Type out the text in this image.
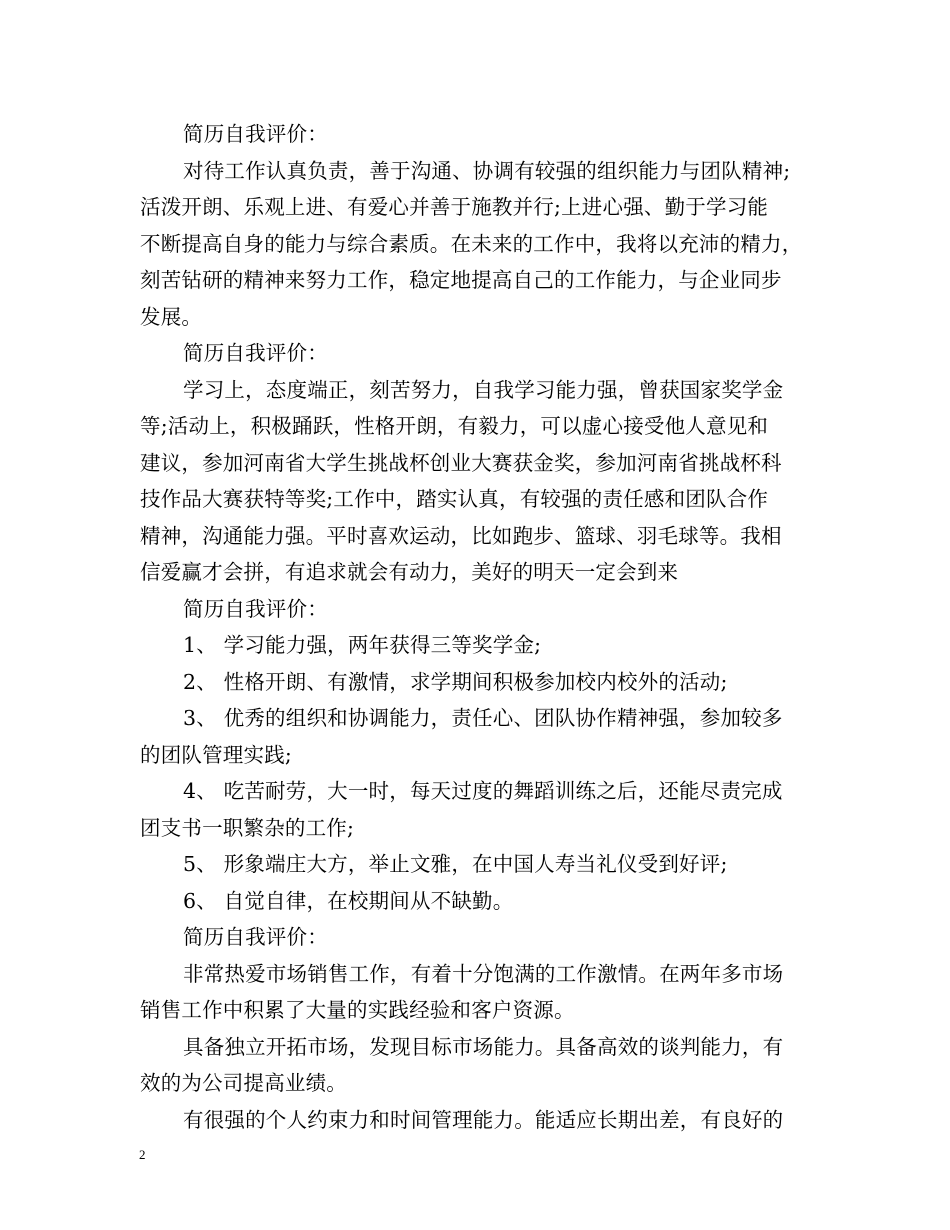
简历自我评价：
对待工作认真负责，善于沟通、协调有较强的组织能力与团队精神;
活泼开朗、乐观上进、有爱心并善于施教并行;上进心强、勤于学习能
不断提高自身的能力与综合素质。在未来的工作中，我将以充沛的精力，
刻苦钻研的精神来努力工作，稳定地提高自己的工作能力，与企业同步
发展。
简历自我评价：
学习上，态度端正，刻苦努力，自我学习能力强，曾获国家奖学金
等;活动上，积极踊跃，性格开朗，有毅力，可以虚心接受他人意见和
建议，参加河南省大学生挑战杯创业大赛获金奖，参加河南省挑战杯科
技作品大赛获特等奖;工作中，踏实认真，有较强的责任感和团队合作
精神，沟通能力强。平时喜欢运动，比如跑步、篮球、羽毛球等。我相
信爱赢才会拼，有追求就会有动力，美好的明天一定会到来
简历自我评价：
1、 学习能力强，两年获得三等奖学金;
2、 性格开朗、有激情，求学期间积极参加校内校外的活动;
3、 优秀的组织和协调能力，责任心、团队协作精神强，参加较多
的团队管理实践;
4、 吃苦耐劳，大一时，每天过度的舞蹈训练之后，还能尽责完成
团支书一职繁杂的工作;
5、 形象端庄大方，举止文雅，在中国人寿当礼仪受到好评;
6、 自觉自律，在校期间从不缺勤。
简历自我评价：
非常热爱市场销售工作，有着十分饱满的工作激情。在两年多市场
销售工作中积累了大量的实践经验和客户资源。
具备独立开拓市场，发现目标市场能力。具备高效的谈判能力，有
效的为公司提高业绩。
有很强的个人约束力和时间管理能力。能适应长期出差，有良好的
2
